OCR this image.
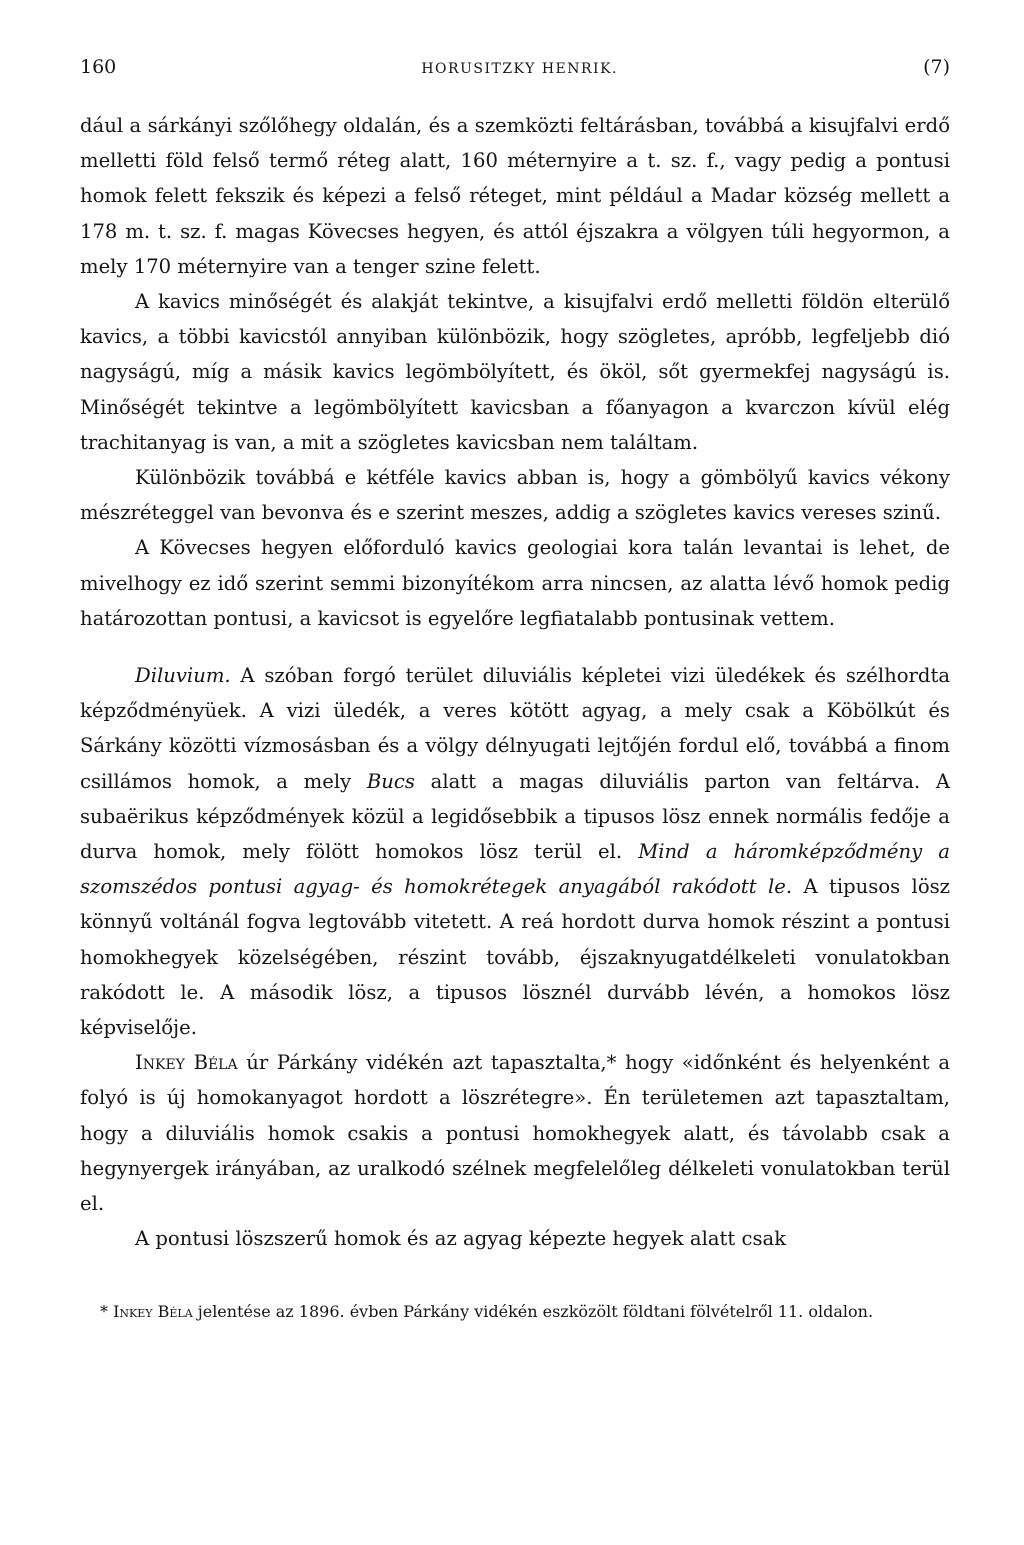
160	HORUSITZKY HENRIK.	(7)

dául a sárkányi szőlőhegy oldalán, és a szemközti feltárásban, továbbá a kisujfalvi erdő melletti föld felső termő réteg alatt, 160 méternyire a t. sz. f., vagy pedig a pontusi homok felett fekszik és képezi a felső réteget, mint például a Madar község mellett a 178 m. t. sz. f. magas Kövecses hegyen, és attól éjszakra a völgyen túli hegyormon, a mely 170 méternyire van a tenger szine felett.

A kavics minőségét és alakját tekintve, a kisujfalvi erdő melletti földön elterülő kavics, a többi kavicstól annyiban különbözik, hogy szögletes, apróbb, legfeljebb dió nagyságú, míg a másik kavics legömbölyített, és ököl, sőt gyermekfej nagyságú is. Minőségét tekintve a legömbölyített kavicsban a főanyagon a kvarczon kívül elég trachitanyag is van, a mit a szögletes kavicsban nem találtam.

Különbözik továbbá e kétféle kavics abban is, hogy a gömbölyű kavics vékony mészréteggel van bevonva és e szerint meszes, addig a szögletes kavics vereses szinű.

A Kövecses hegyen előforduló kavics geologiai kora talán levantai is lehet, de mivelhogy ez idő szerint semmi bizonyítékom arra nincsen, az alatta lévő homok pedig határozottan pontusi, a kavicsot is egyelőre legfiatalabb pontusinak vettem.

Diluvium. A szóban forgó terület diluviális képletei vizi üledékek és szélhordta képződményüek. A vizi üledék, a veres kötött agyag, a mely csak a Köbölkút és Sárkány közötti vízmosásban és a völgy délnyugati lejtőjén fordul elő, továbbá a finom csillámos homok, a mely Bucs alatt a magas diluviális parton van feltárva. A subaërikus képződmények közül a legidősebbik a tipusos lösz ennek normális fedője a durva homok, mely fölött homokos lösz terül el. Mind a háromképződmény a szomszédos pontusi agyag- és homokrétegek anyagából rakódott le. A tipusos lösz könnyű voltánál fogva legtovább vitetett. A reá hordott durva homok részint a pontusi homokhegyek közelségében, részint tovább, éjszaknyugatdélkeleti vonulatokban rakódott le. A második lösz, a tipusos lösznél durvább lévén, a homokos lösz képviselője.

Inkey Béla úr Párkány vidékén azt tapasztalta,* hogy «időnként és helyenként a folyó is új homokanyagot hordott a löszrétegre». Én területemen azt tapasztaltam, hogy a diluviális homok csakis a pontusi homokhegyek alatt, és távolabb csak a hegynyergek irányában, az uralkodó szélnek megfelelőleg délkeleti vonulatokban terül el.

A pontusi löszszerű homok és az agyag képezte hegyek alatt csak

* Inkey Béla jelentése az 1896. évben Párkány vidékén eszközölt földtani fölvételről 11. oldalon.
